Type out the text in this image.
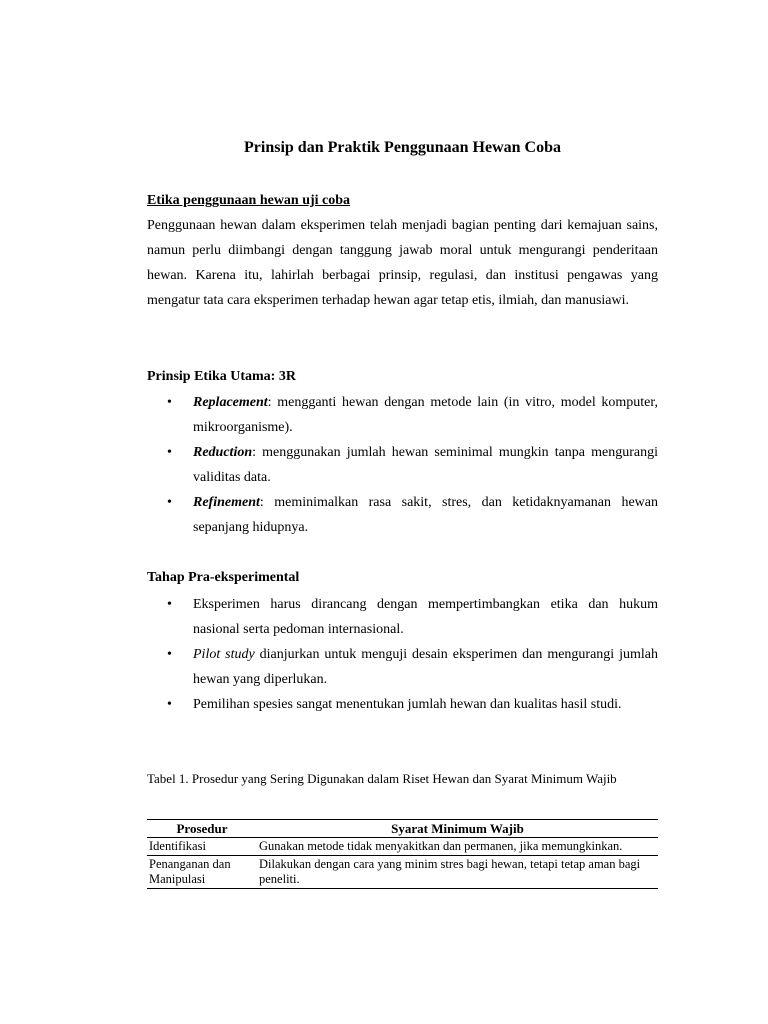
Prinsip dan Praktik Penggunaan Hewan Coba
Etika penggunaan hewan uji coba

Penggunaan hewan dalam eksperimen telah menjadi bagian penting dari kemajuan sains, namun perlu diimbangi dengan tanggung jawab moral untuk mengurangi penderitaan hewan. Karena itu, lahirlah berbagai prinsip, regulasi, dan institusi pengawas yang mengatur tata cara eksperimen terhadap hewan agar tetap etis, ilmiah, dan manusiawi.

Prinsip Etika Utama: 3R
• Replacement: mengganti hewan dengan metode lain (in vitro, model komputer, mikroorganisme).
• Reduction: menggunakan jumlah hewan seminimal mungkin tanpa mengurangi validitas data.
• Refinement: meminimalkan rasa sakit, stres, dan ketidaknyamanan hewan sepanjang hidupnya.
Tahap Pra-eksperimental
• Eksperimen harus dirancang dengan mempertimbangkan etika dan hukum nasional serta pedoman internasional.
• Pilot study dianjurkan untuk menguji desain eksperimen dan mengurangi jumlah hewan yang diperlukan.
• Pemilihan spesies sangat menentukan jumlah hewan dan kualitas hasil studi.

Tabel 1. Prosedur yang Sering Digunakan dalam Riset Hewan dan Syarat Minimum Wajib

Prosedur	Syarat Minimum Wajib
Identifikasi	Gunakan metode tidak menyakitkan dan permanen, jika memungkinkan.
Penanganan dan Manipulasi	Dilakukan dengan cara yang minim stres bagi hewan, tetapi tetap aman bagi peneliti.
